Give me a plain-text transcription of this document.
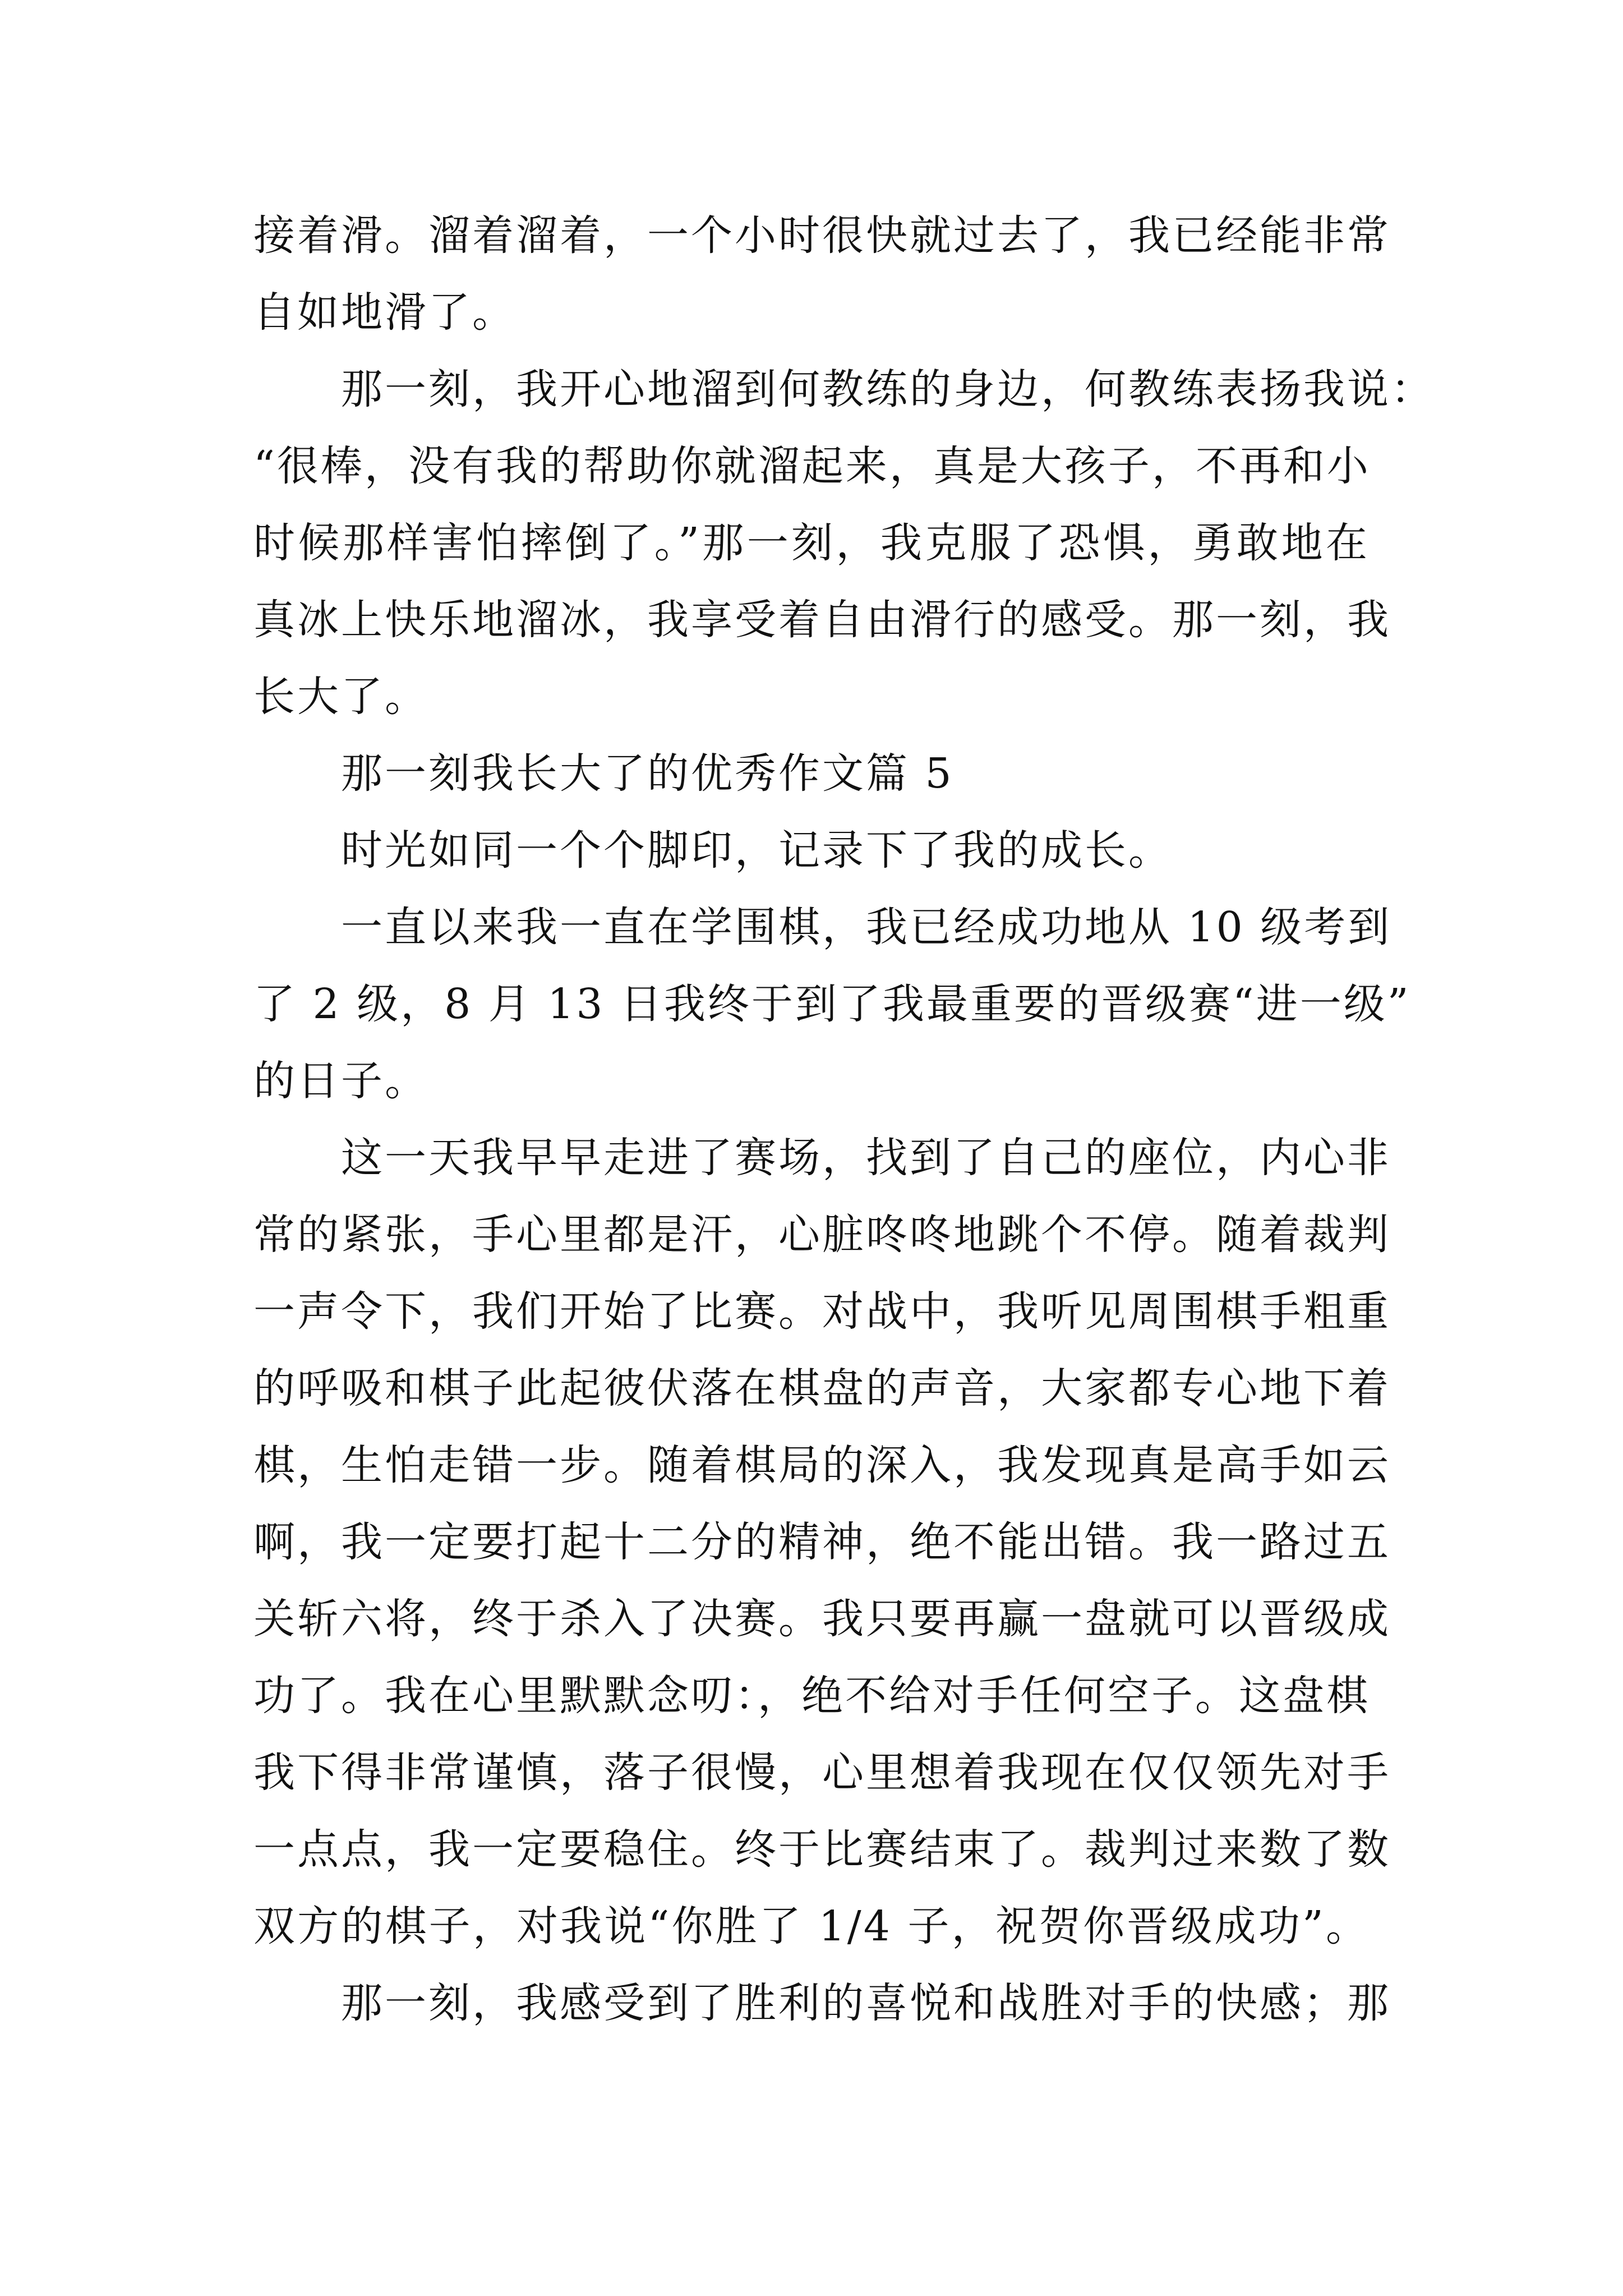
接着滑。溜着溜着，一个小时很快就过去了，我已经能非常
自如地滑了。
那一刻，我开心地溜到何教练的身边，何教练表扬我说：
“很棒，没有我的帮助你就溜起来，真是大孩子，不再和小
时候那样害怕摔倒了。”那一刻，我克服了恐惧，勇敢地在
真冰上快乐地溜冰，我享受着自由滑行的感受。那一刻，我
长大了。
那一刻我长大了的优秀作文篇 5
时光如同一个个脚印，记录下了我的成长。
一直以来我一直在学围棋，我已经成功地从 10 级考到
了 2 级，8 月 13 日我终于到了我最重要的晋级赛“进一级”
的日子。
这一天我早早走进了赛场，找到了自己的座位，内心非
常的紧张，手心里都是汗，心脏咚咚地跳个不停。随着裁判
一声令下，我们开始了比赛。对战中，我听见周围棋手粗重
的呼吸和棋子此起彼伏落在棋盘的声音，大家都专心地下着
棋，生怕走错一步。随着棋局的深入，我发现真是高手如云
啊，我一定要打起十二分的精神，绝不能出错。我一路过五
关斩六将，终于杀入了决赛。我只要再赢一盘就可以晋级成
功了。我在心里默默念叨：，绝不给对手任何空子。这盘棋
我下得非常谨慎，落子很慢，心里想着我现在仅仅领先对手
一点点，我一定要稳住。终于比赛结束了。裁判过来数了数
双方的棋子，对我说“你胜了 1/4 子，祝贺你晋级成功”。
那一刻，我感受到了胜利的喜悦和战胜对手的快感；那
